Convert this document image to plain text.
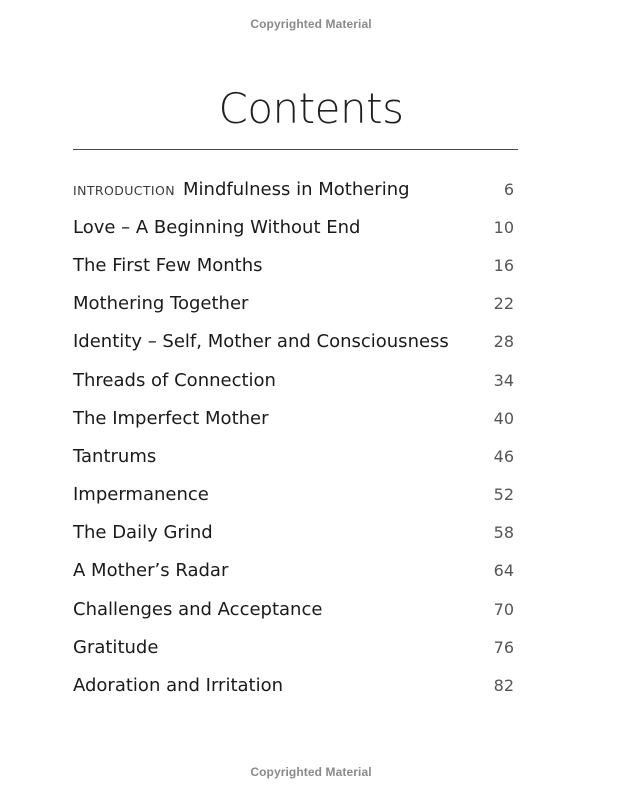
Copyrighted Material
Contents
INTRODUCTION Mindfulness in Mothering	6
Love – A Beginning Without End	10
The First Few Months	16
Mothering Together	22
Identity – Self, Mother and Consciousness	28
Threads of Connection	34
The Imperfect Mother	40
Tantrums	46
Impermanence	52
The Daily Grind	58
A Mother’s Radar	64
Challenges and Acceptance	70
Gratitude	76
Adoration and Irritation	82
Copyrighted Material
